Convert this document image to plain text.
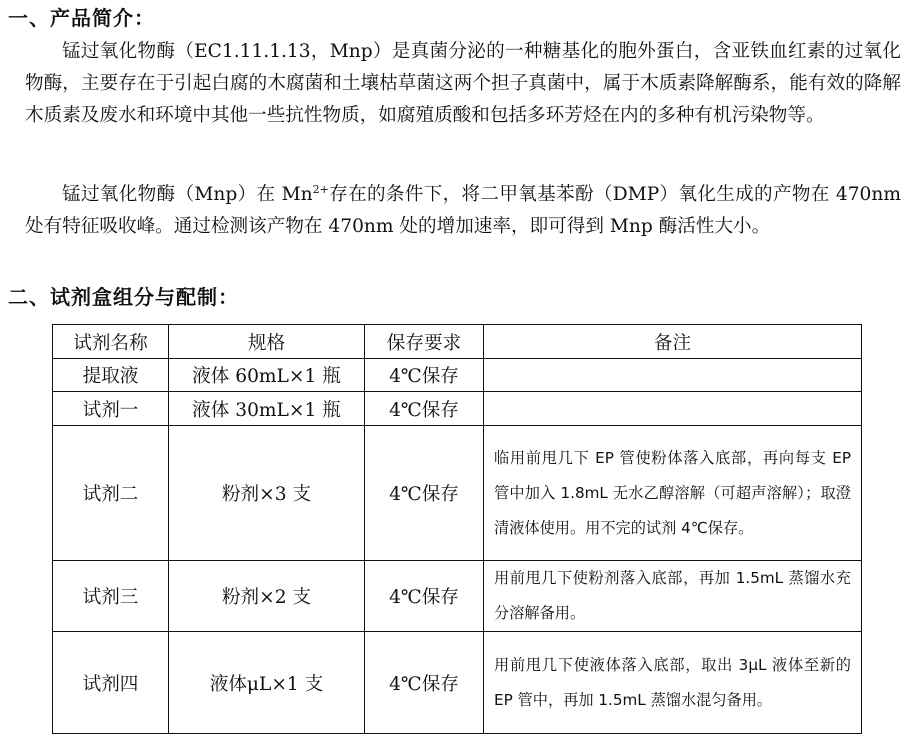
一、产品简介：
锰过氧化物酶（EC1.11.1.13，Mnp）是真菌分泌的一种糖基化的胞外蛋白，含亚铁血红素的过氧化物酶，主要存在于引起白腐的木腐菌和土壤枯草菌这两个担子真菌中，属于木质素降解酶系，能有效的降解木质素及废水和环境中其他一些抗性物质，如腐殖质酸和包括多环芳烃在内的多种有机污染物等。
锰过氧化物酶（Mnp）在 $Mn^{2+}$存在的条件下，将二甲氧基苯酚（DMP）氧化生成的产物在 470nm 处有特征吸收峰。通过检测该产物在 470nm 处的增加速率，即可得到 Mnp 酶活性大小。
二、试剂盒组分与配制：
试剂名称	规格	保存要求	备注
提取液	液体 60mL×1 瓶	4℃保存	
试剂一	液体 30mL×1 瓶	4℃保存	
试剂二	粉剂×3 支	4℃保存	临用前甩几下 EP 管使粉体落入底部，再向每支 EP 管中加入 1.8mL 无水乙醇溶解（可超声溶解）；取澄清液体使用。用不完的试剂 4℃保存。
试剂三	粉剂×2 支	4℃保存	用前甩几下使粉剂落入底部，再加 1.5mL 蒸馏水充分溶解备用。
试剂四	液体μL×1 支	4℃保存	用前甩几下使液体落入底部，取出 3μL 液体至新的 EP 管中，再加 1.5mL 蒸馏水混匀备用。
